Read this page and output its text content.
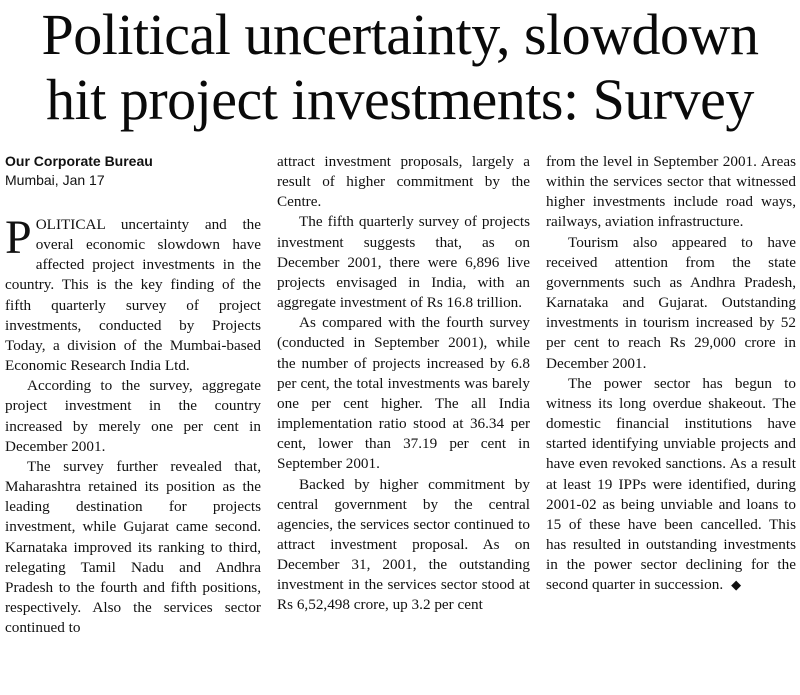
Political uncertainty, slowdown
hit project investments: Survey
Our Corporate Bureau
Mumbai, Jan 17

POLITICAL uncertainty and the overal economic slowdown have affected project investments in the country. This is the key finding of the fifth quarterly survey of project investments, conducted by Projects Today, a division of the Mumbai-based Economic Research India Ltd.

According to the survey, aggregate project investment in the country increased by merely one per cent in December 2001.

The survey further revealed that, Maharashtra retained its position as the leading destination for projects investment, while Gujarat came second. Karnataka improved its ranking to third, relegating Tamil Nadu and Andhra Pradesh to the fourth and fifth positions, respectively. Also the services sector continued to

attract investment proposals, largely a result of higher commitment by the Centre.

The fifth quarterly survey of projects investment suggests that, as on December 2001, there were 6,896 live projects envisaged in India, with an aggregate investment of Rs 16.8 trillion.

As compared with the fourth survey (conducted in September 2001), while the number of projects increased by 6.8 per cent, the total investments was barely one per cent higher. The all India implementation ratio stood at 36.34 per cent, lower than 37.19 per cent in September 2001.

Backed by higher commitment by central government by the central agencies, the services sector continued to attract investment proposal. As on December 31, 2001, the outstanding investment in the services sector stood at Rs 6,52,498 crore, up 3.2 per cent

from the level in September 2001. Areas within the services sector that witnessed higher investments include road ways, railways, aviation infrastructure.

Tourism also appeared to have received attention from the state governments such as Andhra Pradesh, Karnataka and Gujarat. Outstanding investments in tourism increased by 52 per cent to reach Rs 29,000 crore in December 2001.

The power sector has begun to witness its long overdue shakeout. The domestic financial institutions have started identifying unviable projects and have even revoked sanctions. As a result at least 19 IPPs were identified, during 2001-02 as being unviable and loans to 15 of these have been cancelled. This has resulted in outstanding investments in the power sector declining for the second quarter in succession. ◆
